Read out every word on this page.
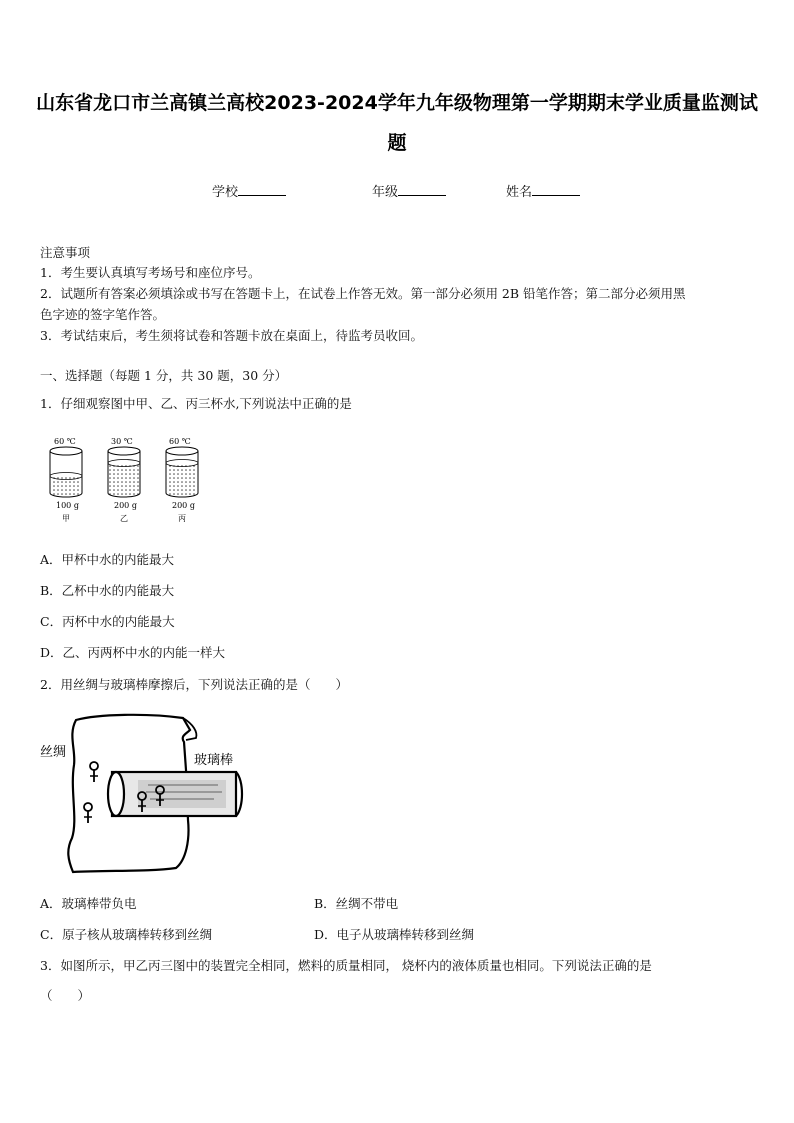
山东省龙口市兰高镇兰高校2023-2024学年九年级物理第一学期期末学业质量监测试
题
学校	年级	姓名
注意事项
1．考生要认真填写考场号和座位序号。
2．试题所有答案必须填涂或书写在答题卡上，在试卷上作答无效。第一部分必须用 2B 铅笔作答；第二部分必须用黑
色字迹的签字笔作答。
3．考试结束后，考生须将试卷和答题卡放在桌面上，待监考员收回。
一、选择题（每题 1 分，共 30 题，30 分）
1．仔细观察图中甲、乙、丙三杯水,下列说法中正确的是
60 ℃
100 g
甲
30 ℃
200 g
乙
60 ℃
200 g
丙
A．甲杯中水的内能最大
B．乙杯中水的内能最大
C．丙杯中水的内能最大
D．乙、丙两杯中水的内能一样大
2．用丝绸与玻璃棒摩擦后，下列说法正确的是（　　）
丝绸
玻璃棒
A．玻璃棒带负电	B．丝绸不带电
C．原子核从玻璃棒转移到丝绸	D．电子从玻璃棒转移到丝绸
3．如图所示，甲乙丙三图中的装置完全相同，燃料的质量相同， 烧杯内的液体质量也相同。下列说法正确的是
（　　）
